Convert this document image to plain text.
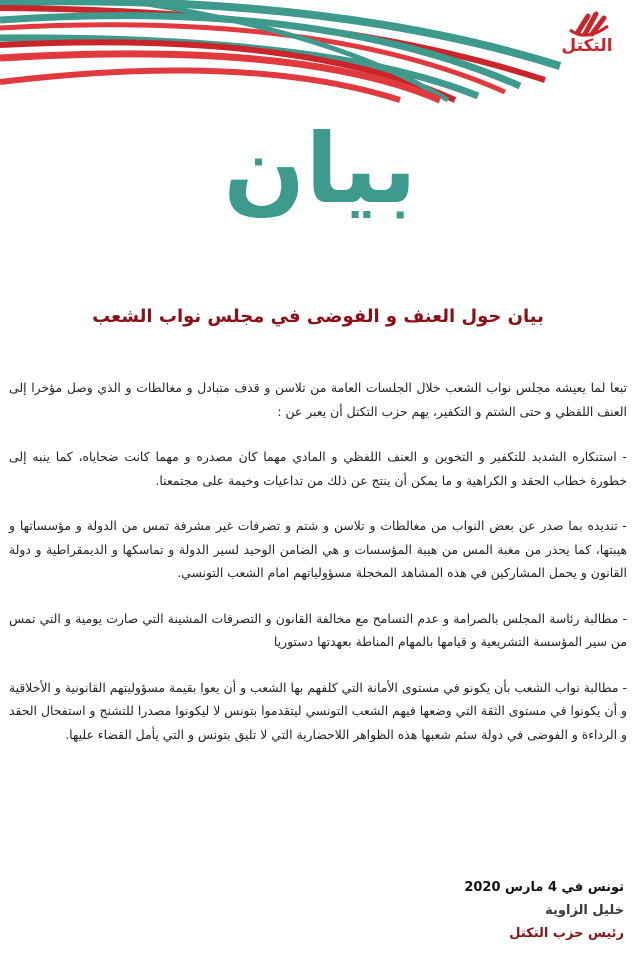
التكتل
بيان
بيان حول العنف و الفوضى في مجلس نواب الشعب

تبعا لما يعيشه مجلس نواب الشعب خلال الجلسات العامة من تلاسن و قذف متبادل و مغالطات و الذي وصل مؤخرا إلى العنف اللفظي و حتى الشتم و التكفير، يهم حزب التكتل أن يعبر عن :

- استنكاره الشديد للتكفير و التخوين و العنف اللفظي و المادي مهما كان مصدره و مهما كانت ضحاياه، كما ينبه إلى خطورة خطاب الحقد و الكراهية و ما يمكن أن ينتج عن ذلك من تداعيات وخيمة على مجتمعنا.

- تنديده بما صدر عن بعض النواب من مغالطات و تلاسن و شتم و تصرفات غير مشرفة تمس من الدولة و مؤسساتها و هيبتها، كما يحذر من مغبة المس من هيبة المؤسسات و هي الضامن الوحيد لسير الدولة و تماسكها و الديمقراطية و دولة القانون و يحمل المشاركين في هذه المشاهد المخجلة مسؤولياتهم امام الشعب التونسي.

- مطالبة رئاسة المجلس بالصرامة و عدم التسامح مع مخالفة القانون و التصرفات المشينة التي صارت يومية و التي تمس من سير المؤسسة التشريعية و قيامها بالمهام المناطة بعهدتها دستوريا

- مطالبة نواب الشعب بأن يكونو في مستوى الأمانة التي كلفهم بها الشعب و أن يعوا بقيمة مسؤوليتهم القانونية و الأخلاقية و أن يكونوا في مستوى الثقة التي وضعها فيهم الشعب التونسي ليتقدموا بتونس لا ليكونوا مصدرا للتشنج و استفحال الحقد و الرداءة و الفوضى في دولة سئم شعبها هذه الظواهر اللاحضارية التي لا تليق بتونس و التي يأمل القضاء عليها.

تونس في 4 مارس 2020
خليل الزاوية
رئيس حزب التكتل
